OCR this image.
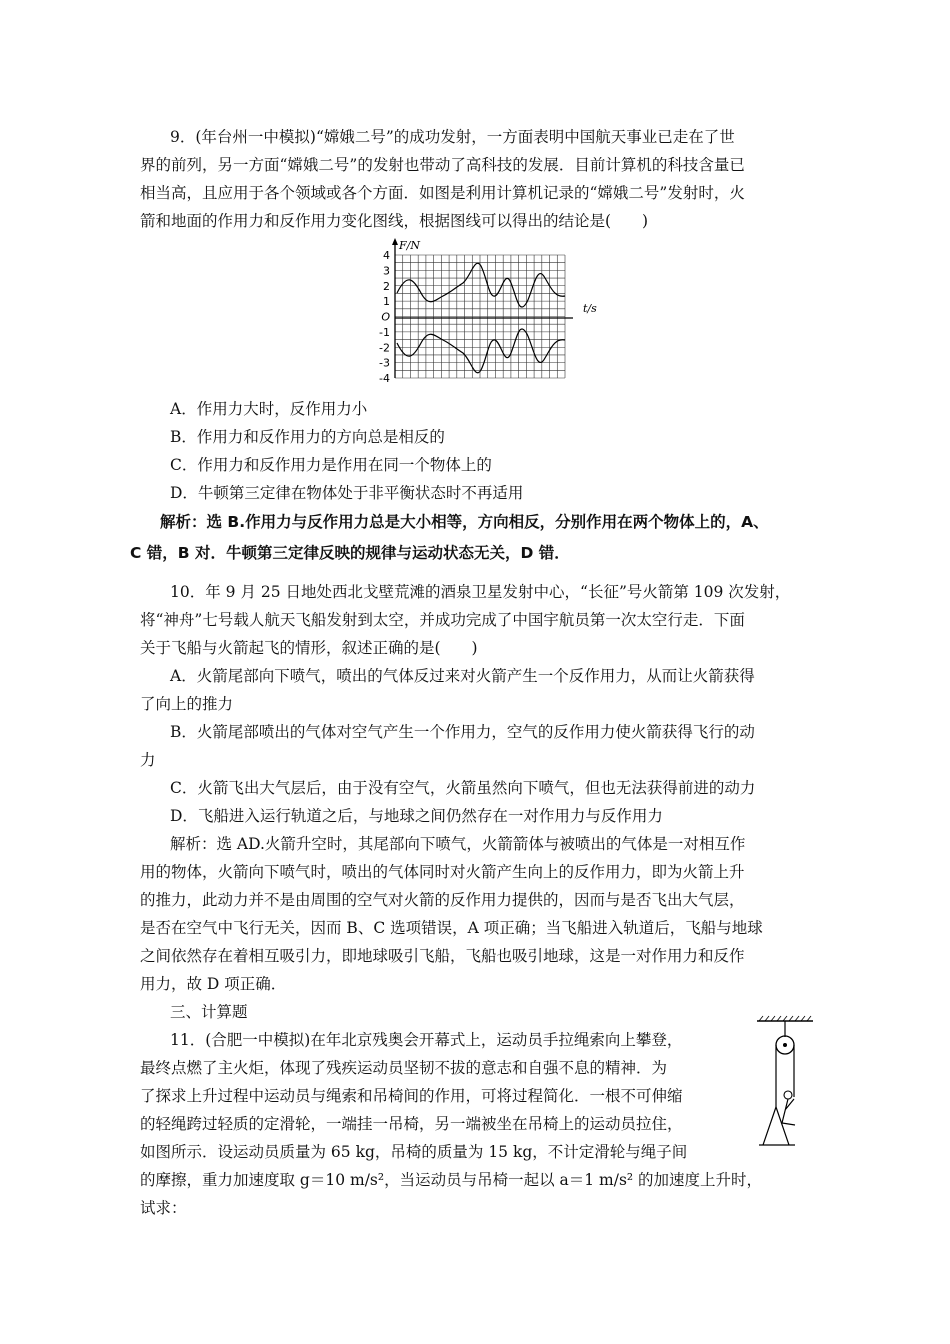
9．(年台州一中模拟)“嫦娥二号”的成功发射，一方面表明中国航天事业已走在了世
界的前列，另一方面“嫦娥二号”的发射也带动了高科技的发展．目前计算机的科技含量已
相当高，且应用于各个领域或各个方面．如图是利用计算机记录的“嫦娥二号”发射时，火
箭和地面的作用力和反作用力变化图线，根据图线可以得出的结论是(　　)
F/N
t/s
4
3
2
1
O
-1
-2
-3
-4
A．作用力大时，反作用力小
B．作用力和反作用力的方向总是相反的
C．作用力和反作用力是作用在同一个物体上的
D．牛顿第三定律在物体处于非平衡状态时不再适用
解析：选 B.作用力与反作用力总是大小相等，方向相反，分别作用在两个物体上的，A、
C 错，B 对．牛顿第三定律反映的规律与运动状态无关，D 错．
10．年 9 月 25 日地处西北戈壁荒滩的酒泉卫星发射中心，“长征”号火箭第 109 次发射，
将“神舟”七号载人航天飞船发射到太空，并成功完成了中国宇航员第一次太空行走．下面
关于飞船与火箭起飞的情形，叙述正确的是(　　)
A．火箭尾部向下喷气，喷出的气体反过来对火箭产生一个反作用力，从而让火箭获得
了向上的推力
B．火箭尾部喷出的气体对空气产生一个作用力，空气的反作用力使火箭获得飞行的动
力
C．火箭飞出大气层后，由于没有空气，火箭虽然向下喷气，但也无法获得前进的动力
D．飞船进入运行轨道之后，与地球之间仍然存在一对作用力与反作用力
解析：选 AD.火箭升空时，其尾部向下喷气，火箭箭体与被喷出的气体是一对相互作
用的物体，火箭向下喷气时，喷出的气体同时对火箭产生向上的反作用力，即为火箭上升
的推力，此动力并不是由周围的空气对火箭的反作用力提供的，因而与是否飞出大气层，
是否在空气中飞行无关，因而 B、C 选项错误，A 项正确；当飞船进入轨道后，飞船与地球
之间依然存在着相互吸引力，即地球吸引飞船，飞船也吸引地球，这是一对作用力和反作
用力，故 D 项正确．
三、计算题
11．(合肥一中模拟)在年北京残奥会开幕式上，运动员手拉绳索向上攀登，
最终点燃了主火炬，体现了残疾运动员坚韧不拔的意志和自强不息的精神．为
了探求上升过程中运动员与绳索和吊椅间的作用，可将过程简化．一根不可伸缩
的轻绳跨过轻质的定滑轮，一端挂一吊椅，另一端被坐在吊椅上的运动员拉住，
如图所示．设运动员质量为 65 kg，吊椅的质量为 15 kg，不计定滑轮与绳子间
的摩擦，重力加速度取 g＝10 m/s²，当运动员与吊椅一起以 a＝1 m/s² 的加速度上升时，
试求：
